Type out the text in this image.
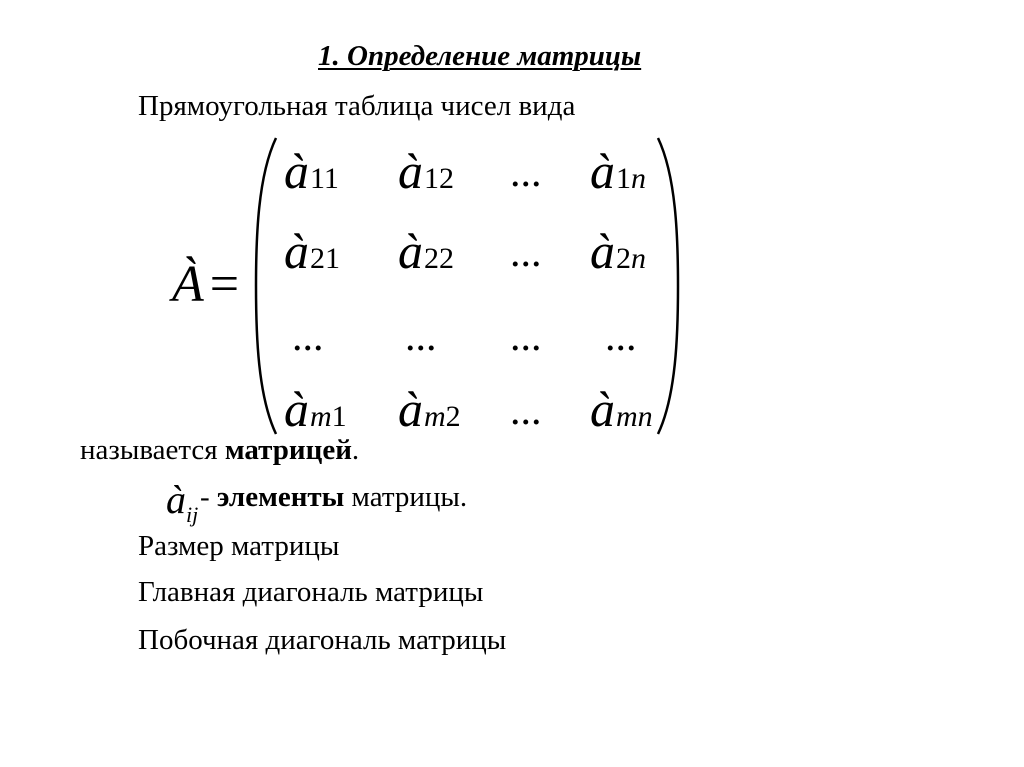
1. Определение матрицы
Прямоугольная таблица чисел вида
À =
à11 à12 ... à1n
à21 à22 ... à2n
... ... ... ...
àm1 àm2 ... àmn
называется матрицей.
$à_{ij}$
- элементы матрицы.
Размер матрицы
Главная диагональ матрицы
Побочная диагональ матрицы
